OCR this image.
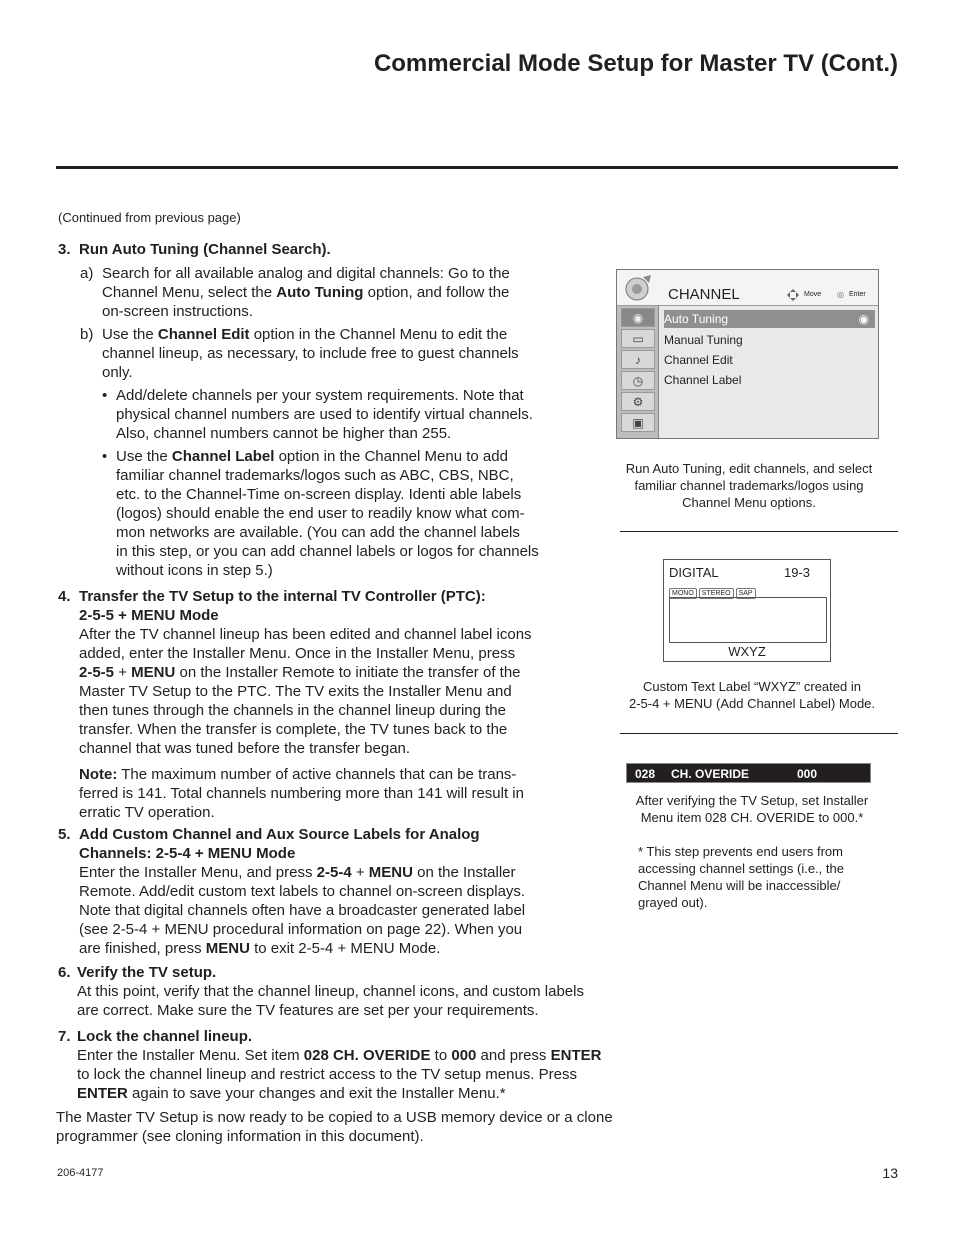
Commercial Mode Setup for Master TV (Cont.)
(Continued from previous page)
3. Run Auto Tuning (Channel Search).
a) Search for all available analog and digital channels: Go to the
Channel Menu, select the Auto Tuning option, and follow the
on-screen instructions.
b) Use the Channel Edit option in the Channel Menu to edit the
channel lineup, as necessary, to include free to guest channels
only.
• Add/delete channels per your system requirements. Note that
physical channel numbers are used to identify virtual channels.
Also, channel numbers cannot be higher than 255.
• Use the Channel Label option in the Channel Menu to add
familiar channel trademarks/logos such as ABC, CBS, NBC,
etc. to the Channel-Time on-screen display. Identi able labels
(logos) should enable the end user to readily know what com-
mon networks are available. (You can add the channel labels
in this step, or you can add channel labels or logos for channels
without icons in step 5.)
4. Transfer the TV Setup to the internal TV Controller (PTC):
2-5-5 + MENU Mode
After the TV channel lineup has been edited and channel label icons
added, enter the Installer Menu. Once in the Installer Menu, press
2-5-5 + MENU on the Installer Remote to initiate the transfer of the
Master TV Setup to the PTC. The TV exits the Installer Menu and
then tunes through the channels in the channel lineup during the
transfer. When the transfer is complete, the TV tunes back to the
channel that was tuned before the transfer began.
Note: The maximum number of active channels that can be trans-
ferred is 141. Total channels numbering more than 141 will result in
erratic TV operation.
5. Add Custom Channel and Aux Source Labels for Analog
Channels: 2-5-4 + MENU Mode
Enter the Installer Menu, and press 2-5-4 + MENU on the Installer
Remote. Add/edit custom text labels to channel on-screen displays.
Note that digital channels often have a broadcaster generated label
(see 2-5-4 + MENU procedural information on page 22). When you
are finished, press MENU to exit 2-5-4 + MENU Mode.
6. Verify the TV setup.
At this point, verify that the channel lineup, channel icons, and custom labels
are correct. Make sure the TV features are set per your requirements.
7. Lock the channel lineup.
Enter the Installer Menu. Set item 028 CH. OVERIDE to 000 and press ENTER
to lock the channel lineup and restrict access to the TV setup menus. Press
ENTER again to save your changes and exit the Installer Menu.*
The Master TV Setup is now ready to be copied to a USB memory device or a clone
programmer (see cloning information in this document).
CHANNEL	Move ◎ Enter
◉
▭
♪
◷
⚙
▣
Auto Tuning	◉
Manual Tuning
Channel Edit
Channel Label
Run Auto Tuning, edit channels, and select
familiar channel trademarks/logos using
Channel Menu options.
DIGITAL	19-3
MONO STEREO SAP
WXYZ
Custom Text Label “WXYZ” created in
2-5-4 + MENU (Add Channel Label) Mode.
028 CH. OVERIDE	000
After verifying the TV Setup, set Installer
Menu item 028 CH. OVERIDE to 000.*
* This step prevents end users from
accessing channel settings (i.e., the
Channel Menu will be inaccessible/
grayed out).
206-4177	13
